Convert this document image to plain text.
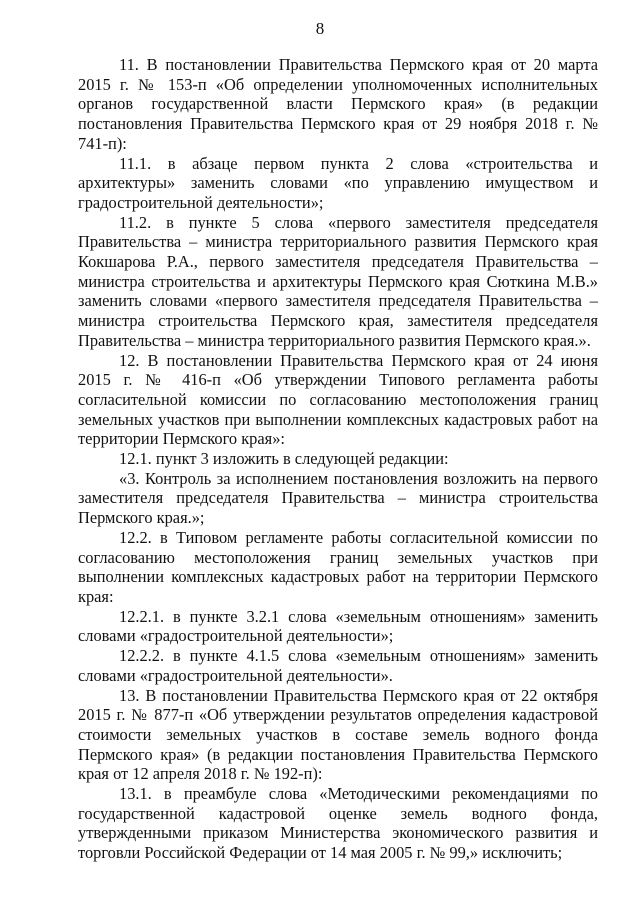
8

11. В постановлении Правительства Пермского края от 20 марта 2015 г. № 153-п «Об определении уполномоченных исполнительных органов государственной власти Пермского края» (в редакции постановления Правительства Пермского края от 29 ноября 2018 г. № 741-п):

11.1. в абзаце первом пункта 2 слова «строительства и архитектуры» заменить словами «по управлению имуществом и градостроительной деятельности»;

11.2. в пункте 5 слова «первого заместителя председателя Правительства – министра территориального развития Пермского края Кокшарова Р.А., первого заместителя председателя Правительства – министра строительства и архитектуры Пермского края Сюткина М.В.» заменить словами «первого заместителя председателя Правительства – министра строительства Пермского края, заместителя председателя Правительства – министра территориального развития Пермского края.».

12. В постановлении Правительства Пермского края от 24 июня 2015 г. № 416-п «Об утверждении Типового регламента работы согласительной комиссии по согласованию местоположения границ земельных участков при выполнении комплексных кадастровых работ на территории Пермского края»:

12.1. пункт 3 изложить в следующей редакции:

«3. Контроль за исполнением постановления возложить на первого заместителя председателя Правительства – министра строительства Пермского края.»;

12.2. в Типовом регламенте работы согласительной комиссии по согласованию местоположения границ земельных участков при выполнении комплексных кадастровых работ на территории Пермского края:

12.2.1. в пункте 3.2.1 слова «земельным отношениям» заменить словами «градостроительной деятельности»;

12.2.2. в пункте 4.1.5 слова «земельным отношениям» заменить словами «градостроительной деятельности».

13. В постановлении Правительства Пермского края от 22 октября 2015 г. № 877-п «Об утверждении результатов определения кадастровой стоимости земельных участков в составе земель водного фонда Пермского края» (в редакции постановления Правительства Пермского края от 12 апреля 2018 г. № 192-п):

13.1. в преамбуле слова «Методическими рекомендациями по государственной кадастровой оценке земель водного фонда, утвержденными приказом Министерства экономического развития и торговли Российской Федерации от 14 мая 2005 г. № 99,» исключить;
